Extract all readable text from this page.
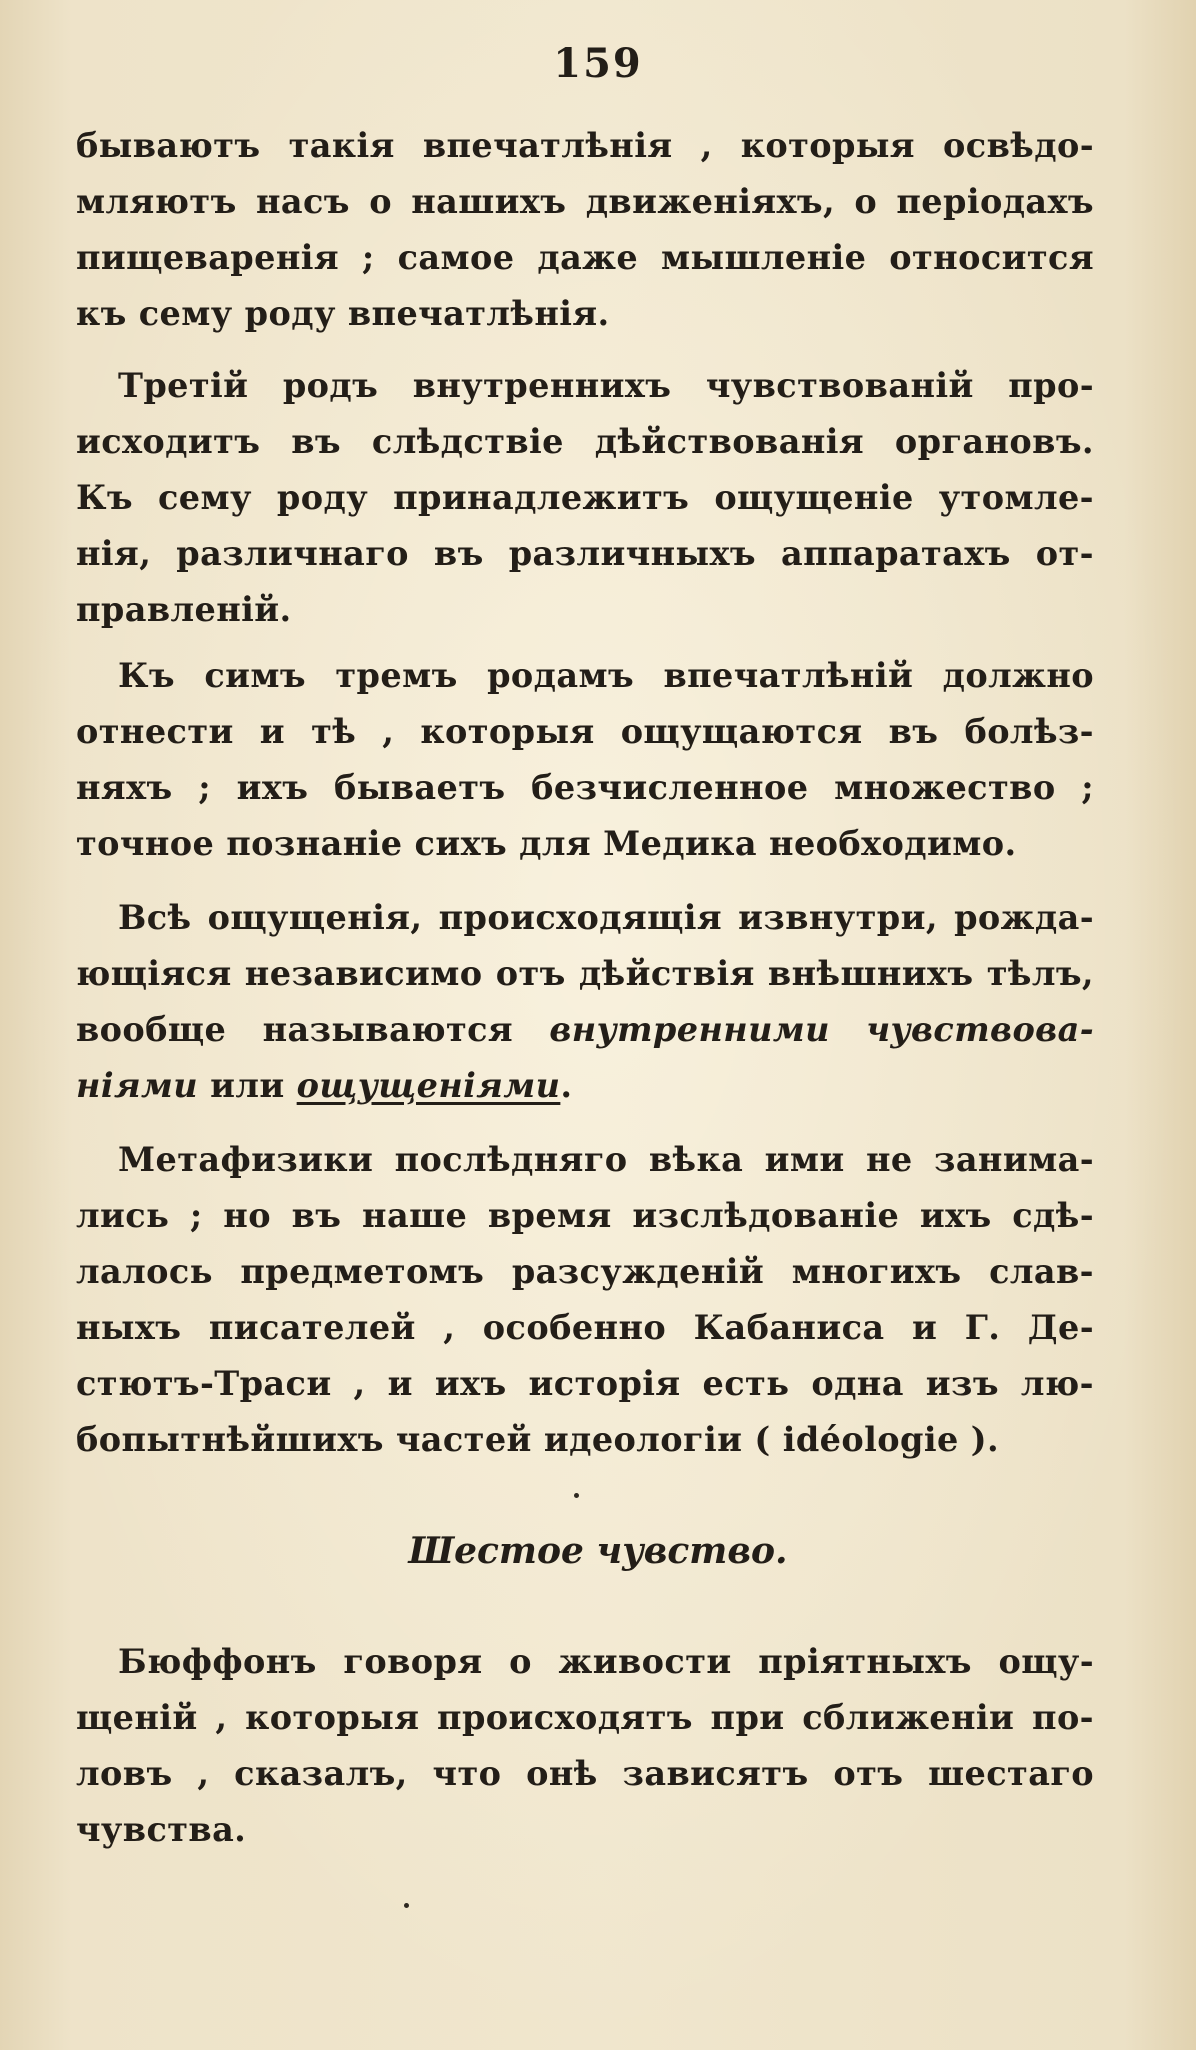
159

бываютъ такія впечатлѣнія , которыя освѣдо-
мляютъ насъ о нашихъ движеніяхъ, о періодахъ
пищеваренія ; самое даже мышленіе относится
къ сему роду впечатлѣнія.

Третій родъ внутреннихъ чувствованій про-
исходитъ въ слѣдствіе дѣйствованія органовъ.
Къ сему роду принадлежитъ ощущеніе утомле-
нія, различнаго въ различныхъ аппаратахъ от-
правленій.

Къ симъ тремъ родамъ впечатлѣній должно
отнести и тѣ , которыя ощущаются въ болѣз-
няхъ ; ихъ бываетъ безчисленное множество ;
точное познаніе сихъ для Медика необходимо.

Всѣ ощущенія, происходящія извнутри, рожда-
ющіяся независимо отъ дѣйствія внѣшнихъ тѣлъ,
вообще называются внутренними чувствова-
ніями или ощущеніями.

Метафизики послѣдняго вѣка ими не занима-
лись ; но въ наше время изслѣдованіе ихъ сдѣ-
лалось предметомъ разсужденій многихъ слав-
ныхъ писателей , особенно Кабаниса и Г. Де-
стютъ-Траси , и ихъ исторія есть одна изъ лю-
бопытнѣйшихъ частей идеологіи ( idéologie ).

Шестое чувство.

Бюффонъ говоря о живости пріятныхъ ощу-
щеній , которыя происходятъ при сближеніи по-
ловъ , сказалъ, что онѣ зависятъ отъ шестаго
чувства.
